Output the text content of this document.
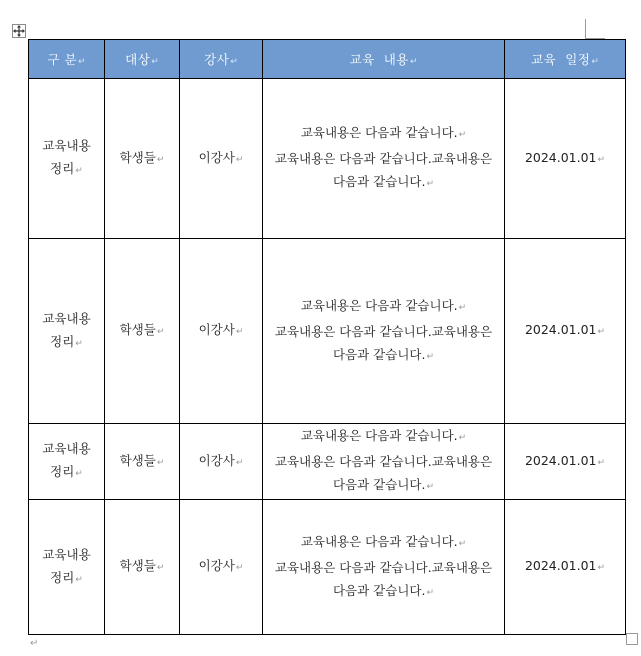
구 분↵	대상↵	강사↵	교육  내용↵	교육  일정↵

교육내용
정리↵	학생들↵	이강사↵	교육내용은 다음과 같습니다.↵
교육내용은 다음과 같습니다.교육내용은
다음과 같습니다.↵	2024.01.01↵

교육내용
정리↵	학생들↵	이강사↵	교육내용은 다음과 같습니다.↵
교육내용은 다음과 같습니다.교육내용은
다음과 같습니다.↵	2024.01.01↵

교육내용
정리↵	학생들↵	이강사↵	교육내용은 다음과 같습니다.↵
교육내용은 다음과 같습니다.교육내용은
다음과 같습니다.↵	2024.01.01↵

교육내용
정리↵	학생들↵	이강사↵	교육내용은 다음과 같습니다.↵
교육내용은 다음과 같습니다.교육내용은
다음과 같습니다.↵	2024.01.01↵
↵
